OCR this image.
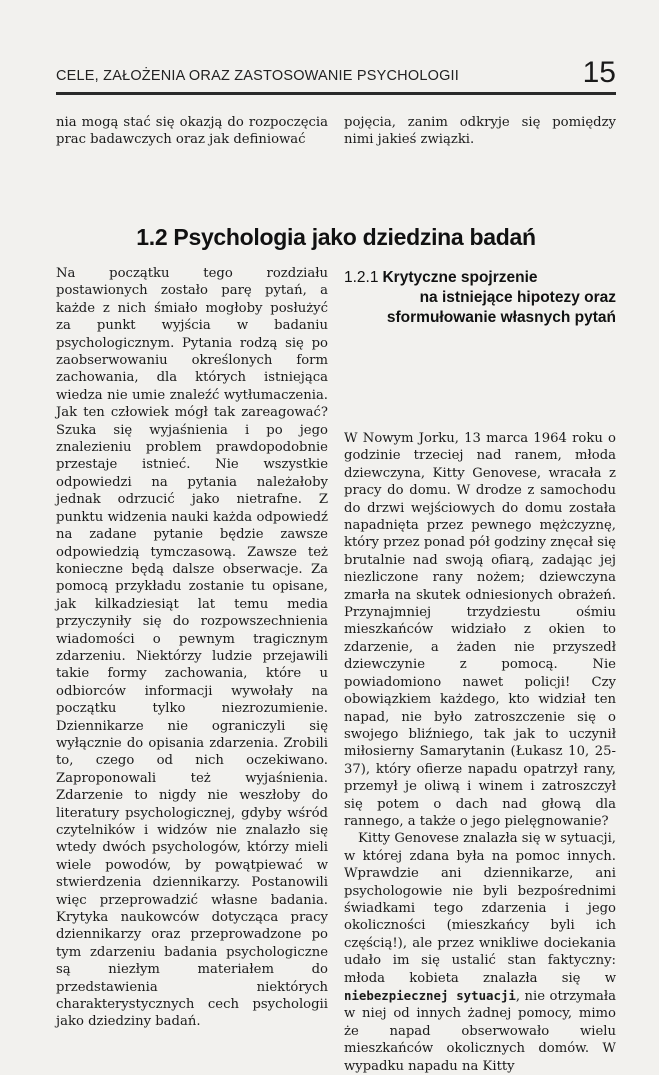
CELE, ZAŁOŻENIA ORAZ ZASTOSOWANIE PSYCHOLOGII	15

nia mogą stać się okazją do rozpoczęcia prac badawczych oraz jak definiować

pojęcia, zanim odkryje się pomiędzy nimi jakieś związki.

1.2 Psychologia jako dziedzina badań

Na początku tego rozdziału postawionych zostało parę pytań, a każde z nich śmiało mogłoby posłużyć za punkt wyjścia w badaniu psychologicznym. Pytania rodzą się po zaobserwowaniu określonych form zachowania, dla których istniejąca wiedza nie umie znaleźć wytłumaczenia. Jak ten człowiek mógł tak zareagować? Szuka się wyjaśnienia i po jego znalezieniu problem prawdopodobnie przestaje istnieć. Nie wszystkie odpowiedzi na pytania należałoby jednak odrzucić jako nietrafne. Z punktu widzenia nauki każda odpowiedź na zadane pytanie będzie zawsze odpowiedzią tymczasową. Zawsze też konieczne będą dalsze obserwacje. Za pomocą przykładu zostanie tu opisane, jak kilkadziesiąt lat temu media przyczyniły się do rozpowszechnienia wiadomości o pewnym tragicznym zdarzeniu. Niektórzy ludzie przejawili takie formy zachowania, które u odbiorców informacji wywołały na początku tylko niezrozumienie. Dziennikarze nie ograniczyli się wyłącznie do opisania zdarzenia. Zrobili to, czego od nich oczekiwano. Zaproponowali też wyjaśnienia. Zdarzenie to nigdy nie weszłoby do literatury psychologicznej, gdyby wśród czytelników i widzów nie znalazło się wtedy dwóch psychologów, którzy mieli wiele powodów, by powątpiewać w stwierdzenia dziennikarzy. Postanowili więc przeprowadzić własne badania. Krytyka naukowców dotycząca pracy dziennikarzy oraz przeprowadzone po tym zdarzeniu badania psychologiczne są niezłym materiałem do przedstawienia niektórych charakterystycznych cech psychologii jako dziedziny badań.

1.2.1 Krytyczne spojrzenie
na istniejące hipotezy oraz
sformułowanie własnych pytań

W Nowym Jorku, 13 marca 1964 roku o godzinie trzeciej nad ranem, młoda dziewczyna, Kitty Genovese, wracała z pracy do domu. W drodze z samochodu do drzwi wejściowych do domu została napadnięta przez pewnego mężczyznę, który przez ponad pół godziny znęcał się brutalnie nad swoją ofiarą, zadając jej niezliczone rany nożem; dziewczyna zmarła na skutek odniesionych obrażeń. Przynajmniej trzydziestu ośmiu mieszkańców widziało z okien to zdarzenie, a żaden nie przyszedł dziewczynie z pomocą. Nie powiadomiono nawet policji! Czy obowiązkiem każdego, kto widział ten napad, nie było zatroszczenie się o swojego bliźniego, tak jak to uczynił miłosierny Samarytanin (Łukasz 10, 25-37), który ofierze napadu opatrzył rany, przemył je oliwą i winem i zatroszczył się potem o dach nad głową dla rannego, a także o jego pielęgnowanie?

Kitty Genovese znalazła się w sytuacji, w której zdana była na pomoc innych. Wprawdzie ani dziennikarze, ani psychologowie nie byli bezpośrednimi świadkami tego zdarzenia i jego okoliczności (mieszkańcy byli ich częścią!), ale przez wnikliwe dociekania udało im się ustalić stan faktyczny: młoda kobieta znalazła się w niebezpiecznej sytuacji, nie otrzymała w niej od innych żadnej pomocy, mimo że napad obserwowało wielu mieszkańców okolicznych domów. W wypadku napadu na Kitty
